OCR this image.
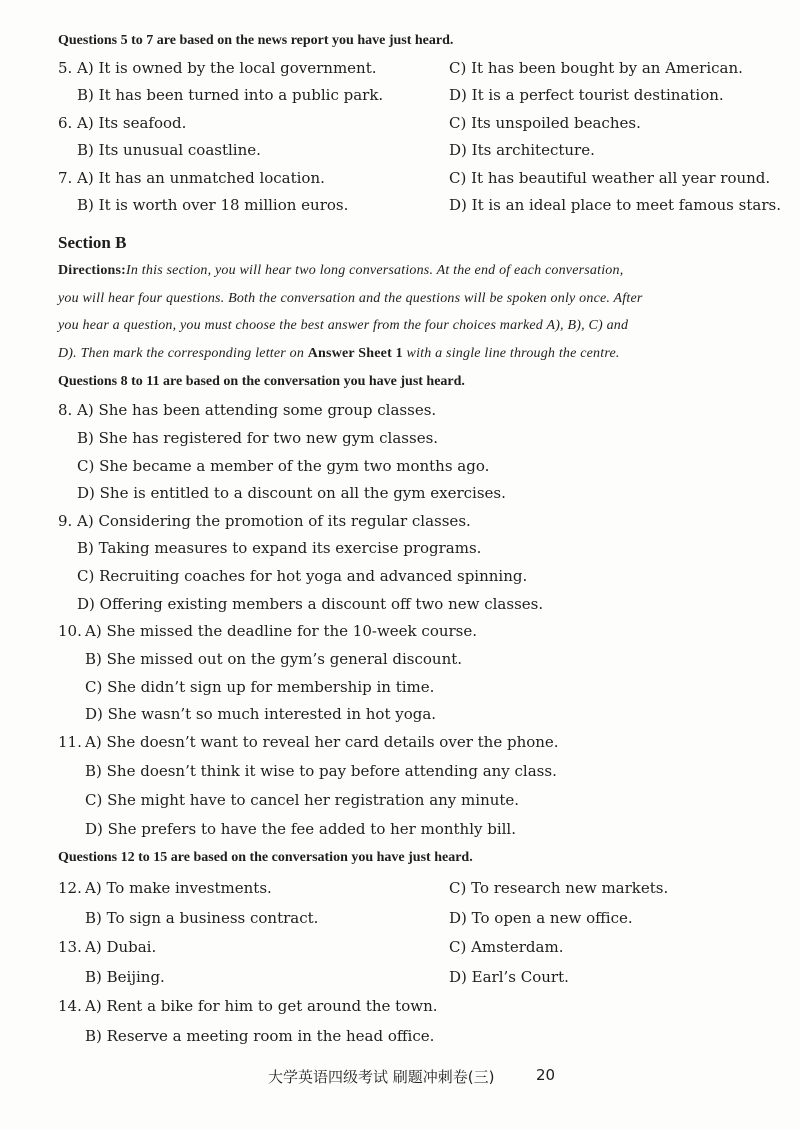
Questions 5 to 7 are based on the news report you have just heard.
5. A) It is owned by the local government.	C) It has been bought by an American.
B) It has been turned into a public park.	D) It is a perfect tourist destination.
6. A) Its seafood.	C) Its unspoiled beaches.
B) Its unusual coastline.	D) Its architecture.
7. A) It has an unmatched location.	C) It has beautiful weather all year round.
B) It is worth over 18 million euros.	D) It is an ideal place to meet famous stars.
Section B
Directions:In this section, you will hear two long conversations. At the end of each conversation,
you will hear four questions. Both the conversation and the questions will be spoken only once. After
you hear a question, you must choose the best answer from the four choices marked A), B), C) and
D). Then mark the corresponding letter on Answer Sheet 1 with a single line through the centre.
Questions 8 to 11 are based on the conversation you have just heard.
8. A) She has been attending some group classes.
B) She has registered for two new gym classes.
C) She became a member of the gym two months ago.
D) She is entitled to a discount on all the gym exercises.
9. A) Considering the promotion of its regular classes.
B) Taking measures to expand its exercise programs.
C) Recruiting coaches for hot yoga and advanced spinning.
D) Offering existing members a discount off two new classes.
10. A) She missed the deadline for the 10-week course.
B) She missed out on the gym’s general discount.
C) She didn’t sign up for membership in time.
D) She wasn’t so much interested in hot yoga.
11. A) She doesn’t want to reveal her card details over the phone.
B) She doesn’t think it wise to pay before attending any class.
C) She might have to cancel her registration any minute.
D) She prefers to have the fee added to her monthly bill.
Questions 12 to 15 are based on the conversation you have just heard.
12. A) To make investments.	C) To research new markets.
B) To sign a business contract.	D) To open a new office.
13. A) Dubai.	C) Amsterdam.
B) Beijing.	D) Earl’s Court.
14. A) Rent a bike for him to get around the town.
B) Reserve a meeting room in the head office.
大学英语四级考试 刷题冲刺卷(三)	20
